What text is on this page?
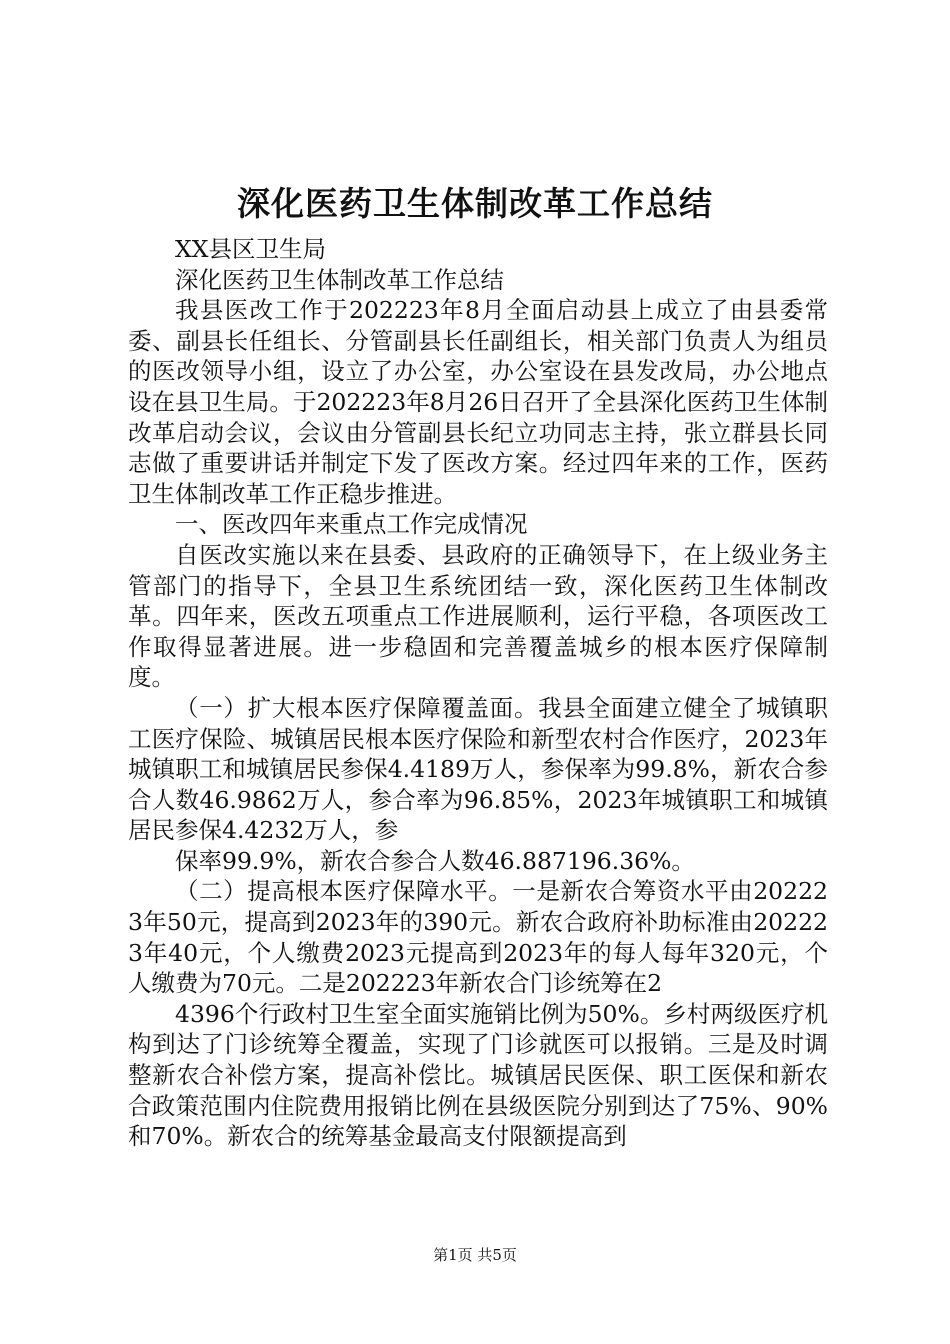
深化医药卫生体制改革工作总结

XX县区卫生局

深化医药卫生体制改革工作总结

我县医改工作于202223年8月全面启动县上成立了由县委常委、副县长任组长、分管副县长任副组长，相关部门负责人为组员的医改领导小组，设立了办公室，办公室设在县发改局，办公地点设在县卫生局。于202223年8月26日召开了全县深化医药卫生体制改革启动会议，会议由分管副县长纪立功同志主持，张立群县长同志做了重要讲话并制定下发了医改方案。经过四年来的工作，医药卫生体制改革工作正稳步推进。

一、医改四年来重点工作完成情况

自医改实施以来在县委、县政府的正确领导下，在上级业务主管部门的指导下，全县卫生系统团结一致，深化医药卫生体制改革。四年来，医改五项重点工作进展顺利，运行平稳，各项医改工作取得显著进展。进一步稳固和完善覆盖城乡的根本医疗保障制度。

（一）扩大根本医疗保障覆盖面。我县全面建立健全了城镇职工医疗保险、城镇居民根本医疗保险和新型农村合作医疗，2023年城镇职工和城镇居民参保4.4189万人，参保率为99.8%，新农合参合人数46.9862万人，参合率为96.85%，2023年城镇职工和城镇居民参保4.4232万人，参

保率99.9%，新农合参合人数46.887196.36%。

（二）提高根本医疗保障水平。一是新农合筹资水平由202223年50元，提高到2023年的390元。新农合政府补助标准由202223年40元，个人缴费2023元提高到2023年的每人每年320元，个人缴费为70元。二是202223年新农合门诊统筹在2

4396个行政村卫生室全面实施销比例为50%。乡村两级医疗机构到达了门诊统筹全覆盖，实现了门诊就医可以报销。三是及时调整新农合补偿方案，提高补偿比。城镇居民医保、职工医保和新农合政策范围内住院费用报销比例在县级医院分别到达了75%、90%和70%。新农合的统筹基金最高支付限额提高到

第1页 共5页
